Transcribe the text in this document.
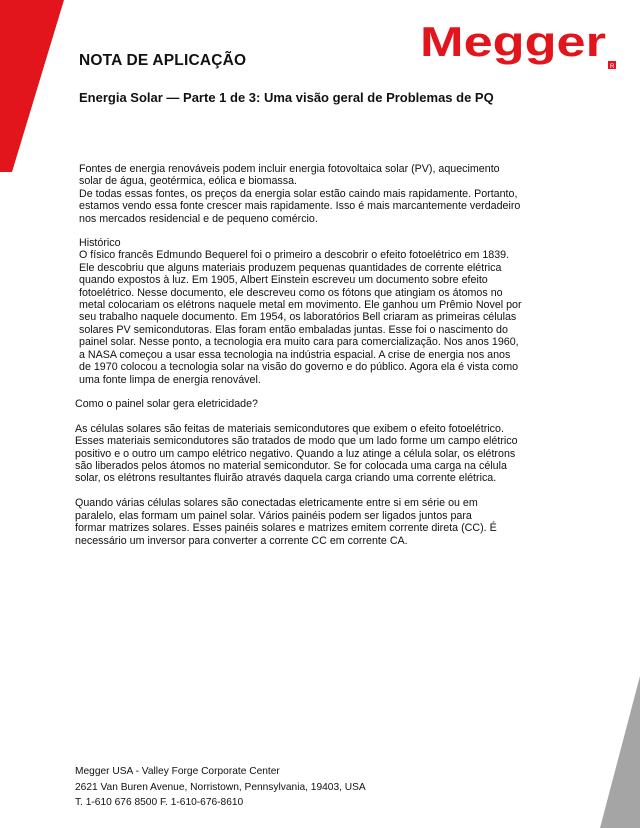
Megger
R
NOTA DE APLICAÇÃO
Energia Solar — Parte 1 de 3: Uma visão geral de Problemas de PQ

Fontes de energia renováveis podem incluir energia fotovoltaica solar (PV), aquecimento

solar de água, geotérmica, eólica e biomassa.

De todas essas fontes, os preços da energia solar estão caindo mais rapidamente. Portanto,

estamos vendo essa fonte crescer mais rapidamente. Isso é mais marcantemente verdadeiro

nos mercados residencial e de pequeno comércio.

Histórico

O físico francês Edmundo Bequerel foi o primeiro a descobrir o efeito fotoelétrico em 1839.

Ele descobriu que alguns materiais produzem pequenas quantidades de corrente elétrica

quando expostos à luz. Em 1905, Albert Einstein escreveu um documento sobre efeito

fotoelétrico. Nesse documento, ele descreveu como os fótons que atingiam os átomos no

metal colocariam os elétrons naquele metal em movimento. Ele ganhou um Prêmio Novel por

seu trabalho naquele documento. Em 1954, os laboratórios Bell criaram as primeiras células

solares PV semicondutoras. Elas foram então embaladas juntas. Esse foi o nascimento do

painel solar. Nesse ponto, a tecnologia era muito cara para comercialização. Nos anos 1960,

a NASA começou a usar essa tecnologia na indústria espacial. A crise de energia nos anos

de 1970 colocou a tecnologia solar na visão do governo e do público. Agora ela é vista como

uma fonte limpa de energia renovável.

Como o painel solar gera eletricidade?

As células solares são feitas de materiais semicondutores que exibem o efeito fotoelétrico.

Esses materiais semicondutores são tratados de modo que um lado forme um campo elétrico

positivo e o outro um campo elétrico negativo. Quando a luz atinge a célula solar, os elétrons

são liberados pelos átomos no material semicondutor. Se for colocada uma carga na célula

solar, os elétrons resultantes fluirão através daquela carga criando uma corrente elétrica.

Quando várias células solares são conectadas eletricamente entre si em série ou em

paralelo, elas formam um painel solar. Vários painéis podem ser ligados juntos para

formar matrizes solares. Esses painéis solares e matrizes emitem corrente direta (CC). É

necessário um inversor para converter a corrente CC em corrente CA.

Megger USA - Valley Forge Corporate Center
2621 Van Buren Avenue, Norristown, Pennsylvania, 19403, USA
T. 1-610 676 8500 F. 1-610-676-8610
